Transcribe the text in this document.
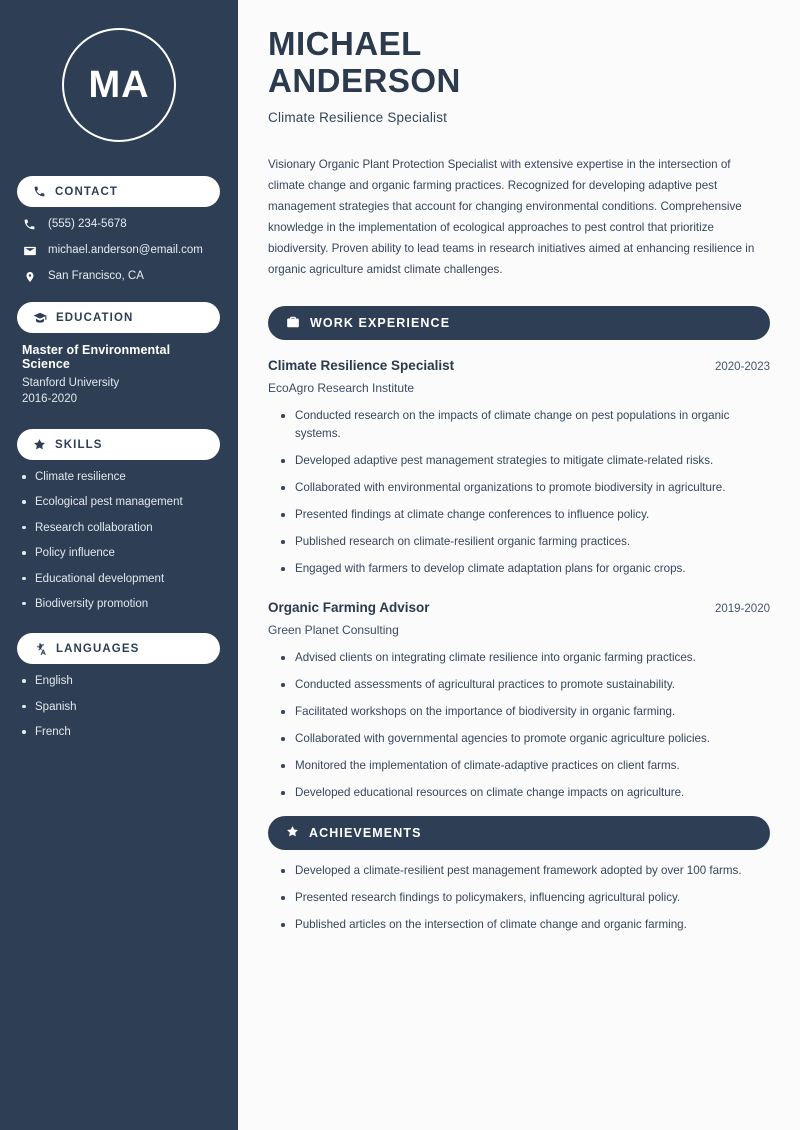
MA
CONTACT
(555) 234-5678
michael.anderson@email.com
San Francisco, CA
EDUCATION
Master of Environmental Science
Stanford University
2016-2020
SKILLS
Climate resilience
Ecological pest management
Research collaboration
Policy influence
Educational development
Biodiversity promotion
LANGUAGES
English
Spanish
French
MICHAEL
ANDERSON
Climate Resilience Specialist

Visionary Organic Plant Protection Specialist with extensive expertise in the intersection of climate change and organic farming practices. Recognized for developing adaptive pest management strategies that account for changing environmental conditions. Comprehensive knowledge in the implementation of ecological approaches to pest control that prioritize biodiversity. Proven ability to lead teams in research initiatives aimed at enhancing resilience in organic agriculture amidst climate challenges.

WORK EXPERIENCE
Climate Resilience Specialist	2020-2023
EcoAgro Research Institute
Conducted research on the impacts of climate change on pest populations in organic systems.
Developed adaptive pest management strategies to mitigate climate-related risks.
Collaborated with environmental organizations to promote biodiversity in agriculture.
Presented findings at climate change conferences to influence policy.
Published research on climate-resilient organic farming practices.
Engaged with farmers to develop climate adaptation plans for organic crops.
Organic Farming Advisor	2019-2020
Green Planet Consulting
Advised clients on integrating climate resilience into organic farming practices.
Conducted assessments of agricultural practices to promote sustainability.
Facilitated workshops on the importance of biodiversity in organic farming.
Collaborated with governmental agencies to promote organic agriculture policies.
Monitored the implementation of climate-adaptive practices on client farms.
Developed educational resources on climate change impacts on agriculture.
ACHIEVEMENTS
Developed a climate-resilient pest management framework adopted by over 100 farms.
Presented research findings to policymakers, influencing agricultural policy.
Published articles on the intersection of climate change and organic farming.
